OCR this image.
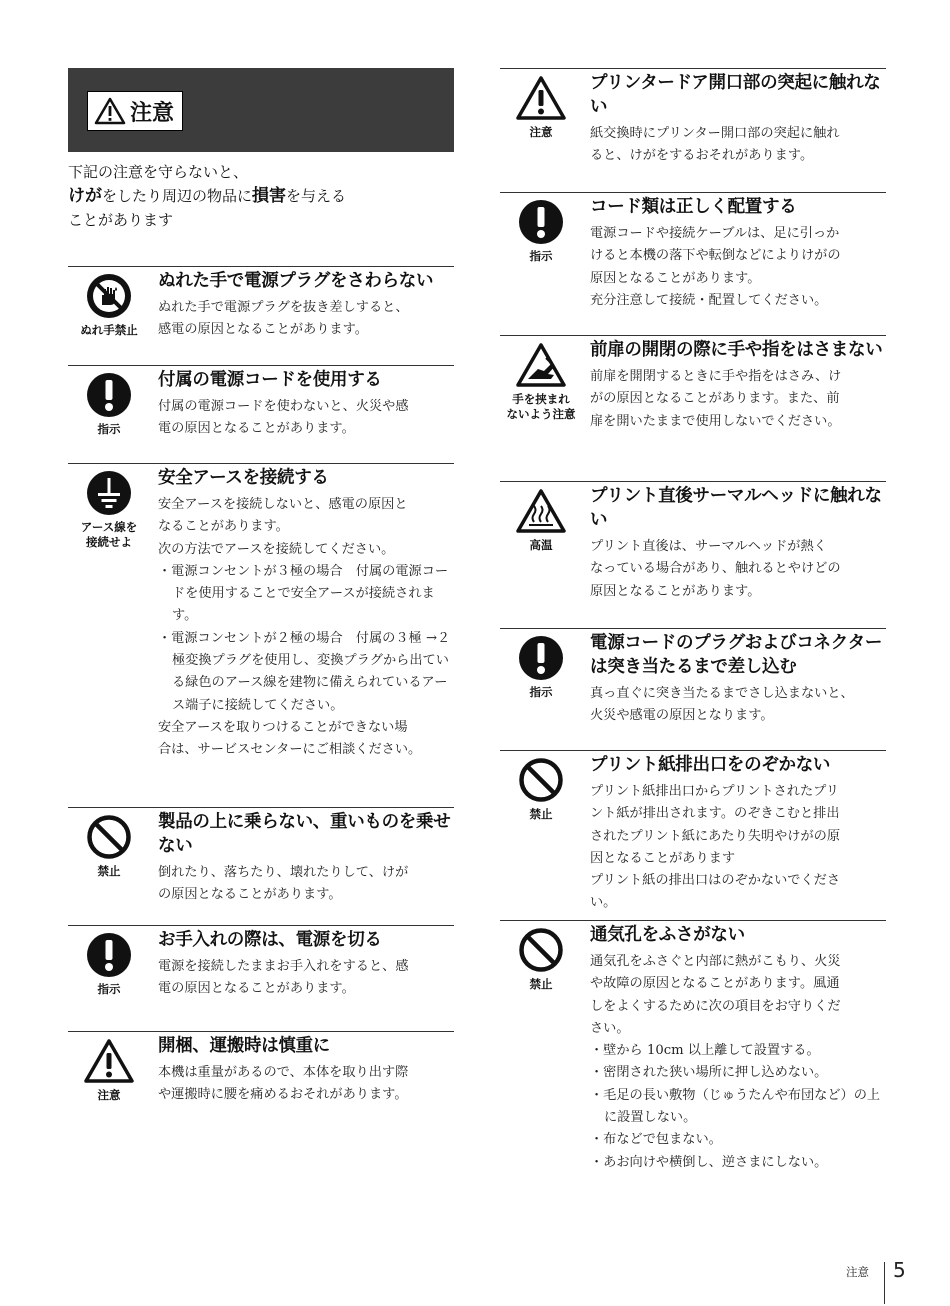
注意
下記の注意を守らないと、
けがをしたり周辺の物品に損害を与える
ことがあります
ぬれ手禁止
ぬれた手で電源プラグをさわらない
ぬれた手で電源プラグを抜き差しすると、
感電の原因となることがあります。
指示
付属の電源コードを使用する
付属の電源コードを使わないと、火災や感
電の原因となることがあります。
アース線を
接続せよ
安全アースを接続する
安全アースを接続しないと、感電の原因と
なることがあります。
次の方法でアースを接続してください。
・電源コンセントが３極の場合　付属の電源コードを使用することで安全アースが接続されます。
・電源コンセントが２極の場合　付属の３極 →２極変換プラグを使用し、変換プラグから出ている緑色のアース線を建物に備えられているアース端子に接続してください。
安全アースを取りつけることができない場
合は、サービスセンターにご相談ください。
禁止
製品の上に乗らない、重いものを乗せない
倒れたり、落ちたり、壊れたりして、けが
の原因となることがあります。
指示
お手入れの際は、電源を切る
電源を接続したままお手入れをすると、感
電の原因となることがあります。
注意
開梱、運搬時は慎重に
本機は重量があるので、本体を取り出す際
や運搬時に腰を痛めるおそれがあります。
注意
プリンタードア開口部の突起に触れない
紙交換時にプリンター開口部の突起に触れ
ると、けがをするおそれがあります。
指示
コード類は正しく配置する
電源コードや接続ケーブルは、足に引っか
けると本機の落下や転倒などによりけがの
原因となることがあります。
充分注意して接続・配置してください。
手を挟まれ
ないよう注意
前扉の開閉の際に手や指をはさまない
前扉を開閉するときに手や指をはさみ、け
がの原因となることがあります。また、前
扉を開いたままで使用しないでください。
高温
プリント直後サーマルヘッドに触れない
プリント直後は、サーマルヘッドが熱く
なっている場合があり、触れるとやけどの
原因となることがあります。
指示
電源コードのプラグおよびコネクターは突き当たるまで差し込む
真っ直ぐに突き当たるまでさし込まないと、
火災や感電の原因となります。
禁止
プリント紙排出口をのぞかない
プリント紙排出口からプリントされたプリ
ント紙が排出されます。のぞきこむと排出
されたプリント紙にあたり失明やけがの原
因となることがあります
プリント紙の排出口はのぞかないでくださ
い。
禁止
通気孔をふさがない
通気孔をふさぐと内部に熱がこもり、火災
や故障の原因となることがあります。風通
しをよくするために次の項目をお守りくだ
さい。
・壁から 10cm 以上離して設置する。
・密閉された狭い場所に押し込めない。
・毛足の長い敷物（じゅうたんや布団など）の上に設置しない。
・布などで包まない。
・あお向けや横倒し、逆さまにしない。
注意 5
